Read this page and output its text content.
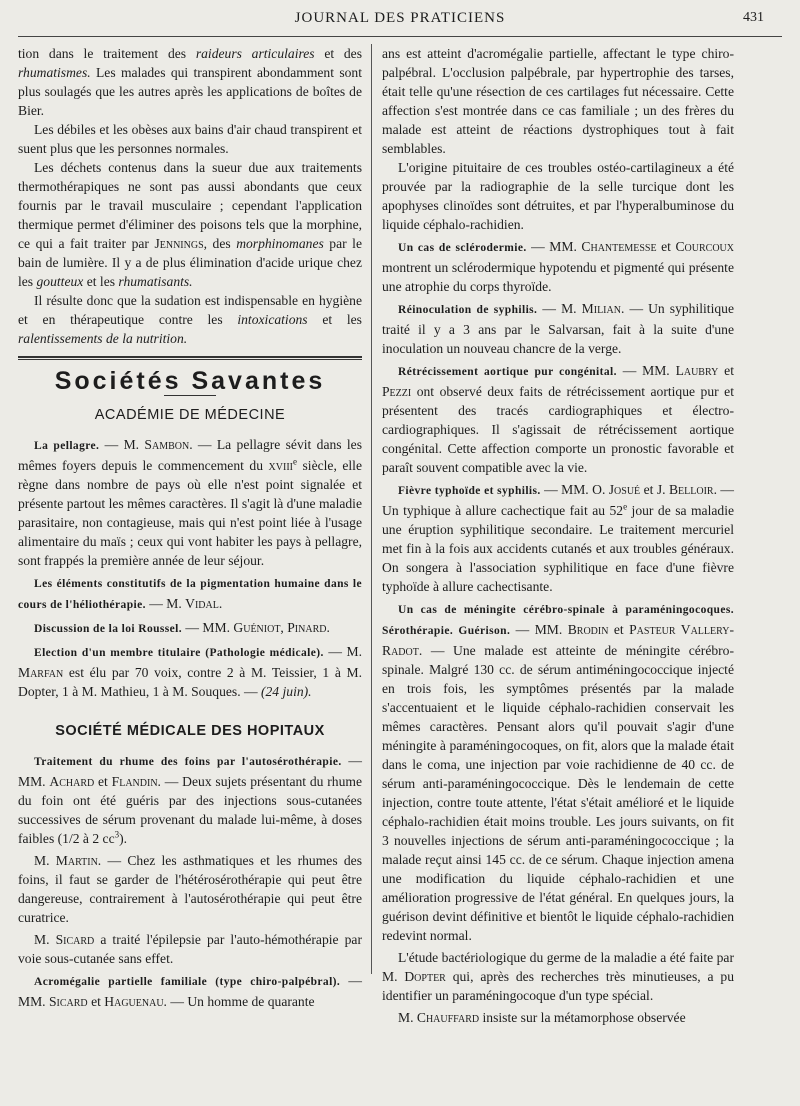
JOURNAL DES PRATICIENS	431

tion dans le traitement des raideurs articulaires et des rhumatismes. Les malades qui transpirent abondamment sont plus soulagés que les autres après les applications de boîtes de Bier.

Les débiles et les obèses aux bains d'air chaud transpirent et suent plus que les personnes normales.

Les déchets contenus dans la sueur due aux traitements thermothérapiques ne sont pas aussi abondants que ceux fournis par le travail musculaire ; cependant l'application thermique permet d'éliminer des poisons tels que la morphine, ce qui a fait traiter par Jennings, des morphinomanes par le bain de lumière. Il y a de plus élimination d'acide urique chez les goutteux et les rhumatisants.

Il résulte donc que la sudation est indispensable en hygiène et en thérapeutique contre les intoxications et les ralentissements de la nutrition.

Sociétés Savantes
ACADÉMIE DE MÉDECINE

La pellagre. — M. Sambon. — La pellagre sévit dans les mêmes foyers depuis le commencement du xviii$^e$ siècle, elle règne dans nombre de pays où elle n'est point signalée et présente partout les mêmes caractères. Il s'agit là d'une maladie parasitaire, non contagieuse, mais qui n'est point liée à l'usage alimentaire du maïs ; ceux qui vont habiter les pays à pellagre, sont frappés la première année de leur séjour.

Les éléments constitutifs de la pigmentation humaine dans le cours de l'héliothérapie. — M. Vidal.

Discussion de la loi Roussel. — MM. Guéniot, Pinard.

Election d'un membre titulaire (Pathologie médicale). — M. Marfan est élu par 70 voix, contre 2 à M. Teissier, 1 à M. Dopter, 1 à M. Mathieu, 1 à M. Souques. — (24 juin).

SOCIÉTÉ MÉDICALE DES HOPITAUX

Traitement du rhume des foins par l'autosérothérapie. — MM. Achard et Flandin. — Deux sujets présentant du rhume du foin ont été guéris par des injections sous-cutanées successives de sérum provenant du malade lui-même, à doses faibles (1/2 à 2 $cc^3$).

M. Martin. — Chez les asthmatiques et les rhumes des foins, il faut se garder de l'hétérosérothérapie qui peut être dangereuse, contrairement à l'autosérothérapie qui peut être curatrice.

M. Sicard a traité l'épilepsie par l'auto-hémothérapie par voie sous-cutanée sans effet.

Acromégalie partielle familiale (type chiro-palpébral). — MM. Sicard et Haguenau. — Un homme de quarante

ans est atteint d'acromégalie partielle, affectant le type chiro-palpébral. L'occlusion palpébrale, par hypertrophie des tarses, était telle qu'une résection de ces cartilages fut nécessaire. Cette affection s'est montrée dans ce cas familiale ; un des frères du malade est atteint de réactions dystrophiques tout à fait semblables.

L'origine pituitaire de ces troubles ostéo-cartilagineux a été prouvée par la radiographie de la selle turcique dont les apophyses clinoïdes sont détruites, et par l'hyperalbuminose du liquide céphalo-rachidien.

Un cas de sclérodermie. — MM. Chantemesse et Courcoux montrent un sclérodermique hypotendu et pigmenté qui présente une atrophie du corps thyroïde.

Réinoculation de syphilis. — M. Milian. — Un syphilitique traité il y a 3 ans par le Salvarsan, fait à la suite d'une inoculation un nouveau chancre de la verge.

Rétrécissement aortique pur congénital. — MM. Laubry et Pezzi ont observé deux faits de rétrécissement aortique pur et présentent des tracés cardiographiques et électro-cardiographiques. Il s'agissait de rétrécissement aortique congénital. Cette affection comporte un pronostic favorable et paraît souvent compatible avec la vie.

Fièvre typhoïde et syphilis. — MM. O. Josué et J. Belloir. — Un typhique à allure cachectique fait au 52e jour de sa maladie une éruption syphilitique secondaire. Le traitement mercuriel met fin à la fois aux accidents cutanés et aux troubles généraux. On songera à l'association syphilitique en face d'une fièvre typhoïde à allure cachectisante.

Un cas de méningite cérébro-spinale à paraméningocoques. Sérothérapie. Guérison. — MM. Brodin et Pasteur Vallery-Radot. — Une malade est atteinte de méningite cérébro-spinale. Malgré 130 cc. de sérum antiméningococcique injecté en trois fois, les symptômes présentés par la malade s'accentuaient et le liquide céphalo-rachidien conservait les mêmes caractères. Pensant alors qu'il pouvait s'agir d'une méningite à paraméningocoques, on fit, alors que la malade était dans le coma, une injection par voie rachidienne de 40 cc. de sérum anti-paraméningococcique. Dès le lendemain de cette injection, contre toute attente, l'état s'était amélioré et le liquide céphalo-rachidien était moins trouble. Les jours suivants, on fit 3 nouvelles injections de sérum anti-paraméningococcique ; la malade reçut ainsi 145 cc. de ce sérum. Chaque injection amena une modification du liquide céphalo-rachidien et une amélioration progressive de l'état général. En quelques jours, la guérison devint définitive et bientôt le liquide céphalo-rachidien redevint normal.

L'étude bactériologique du germe de la maladie a été faite par M. Dopter qui, après des recherches très minutieuses, a pu identifier un paraméningocoque d'un type spécial.

M. Chauffard insiste sur la métamorphose observée
